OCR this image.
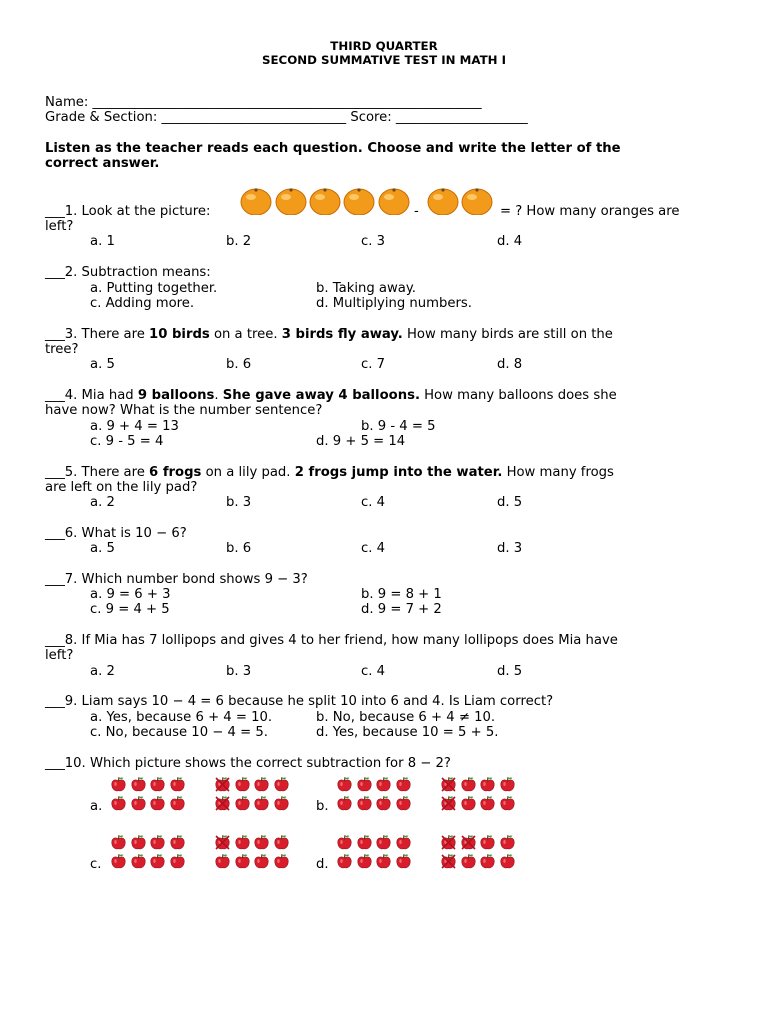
THIRD QUARTER
SECOND SUMMATIVE TEST IN MATH I
Name: ___________________________________________________________
Grade & Section: ____________________________ Score: ____________________
Listen as the teacher reads each question. Choose and write the letter of the
correct answer.
___1. Look at the picture:	-	= ? How many oranges are
left?
a. 1	b. 2	c. 3	d. 4
___2. Subtraction means:
a. Putting together.	b. Taking away.
c. Adding more.	d. Multiplying numbers.
___3. There are 10 birds on a tree. 3 birds fly away. How many birds are still on the
tree?
a. 5	b. 6	c. 7	d. 8
___4. Mia had 9 balloons. She gave away 4 balloons. How many balloons does she
have now? What is the number sentence?
a. 9 + 4 = 13	b. 9 - 4 = 5
c. 9 - 5 = 4	d. 9 + 5 = 14
___5. There are 6 frogs on a lily pad. 2 frogs jump into the water. How many frogs
are left on the lily pad?
a. 2	b. 3	c. 4	d. 5
___6. What is 10 − 6?
a. 5	b. 6	c. 4	d. 3
___7. Which number bond shows 9 − 3?
a. 9 = 6 + 3	b. 9 = 8 + 1
c. 9 = 4 + 5	d. 9 = 7 + 2
___8. If Mia has 7 lollipops and gives 4 to her friend, how many lollipops does Mia have
left?
a. 2	b. 3	c. 4	d. 5
___9. Liam says 10 − 4 = 6 because he split 10 into 6 and 4. Is Liam correct?
a. Yes, because 6 + 4 = 10.	b. No, because 6 + 4 ≠ 10.
c. No, because 10 − 4 = 5.	d. Yes, because 10 = 5 + 5.
___10. Which picture shows the correct subtraction for 8 − 2?
a.	b.
c.	d.
